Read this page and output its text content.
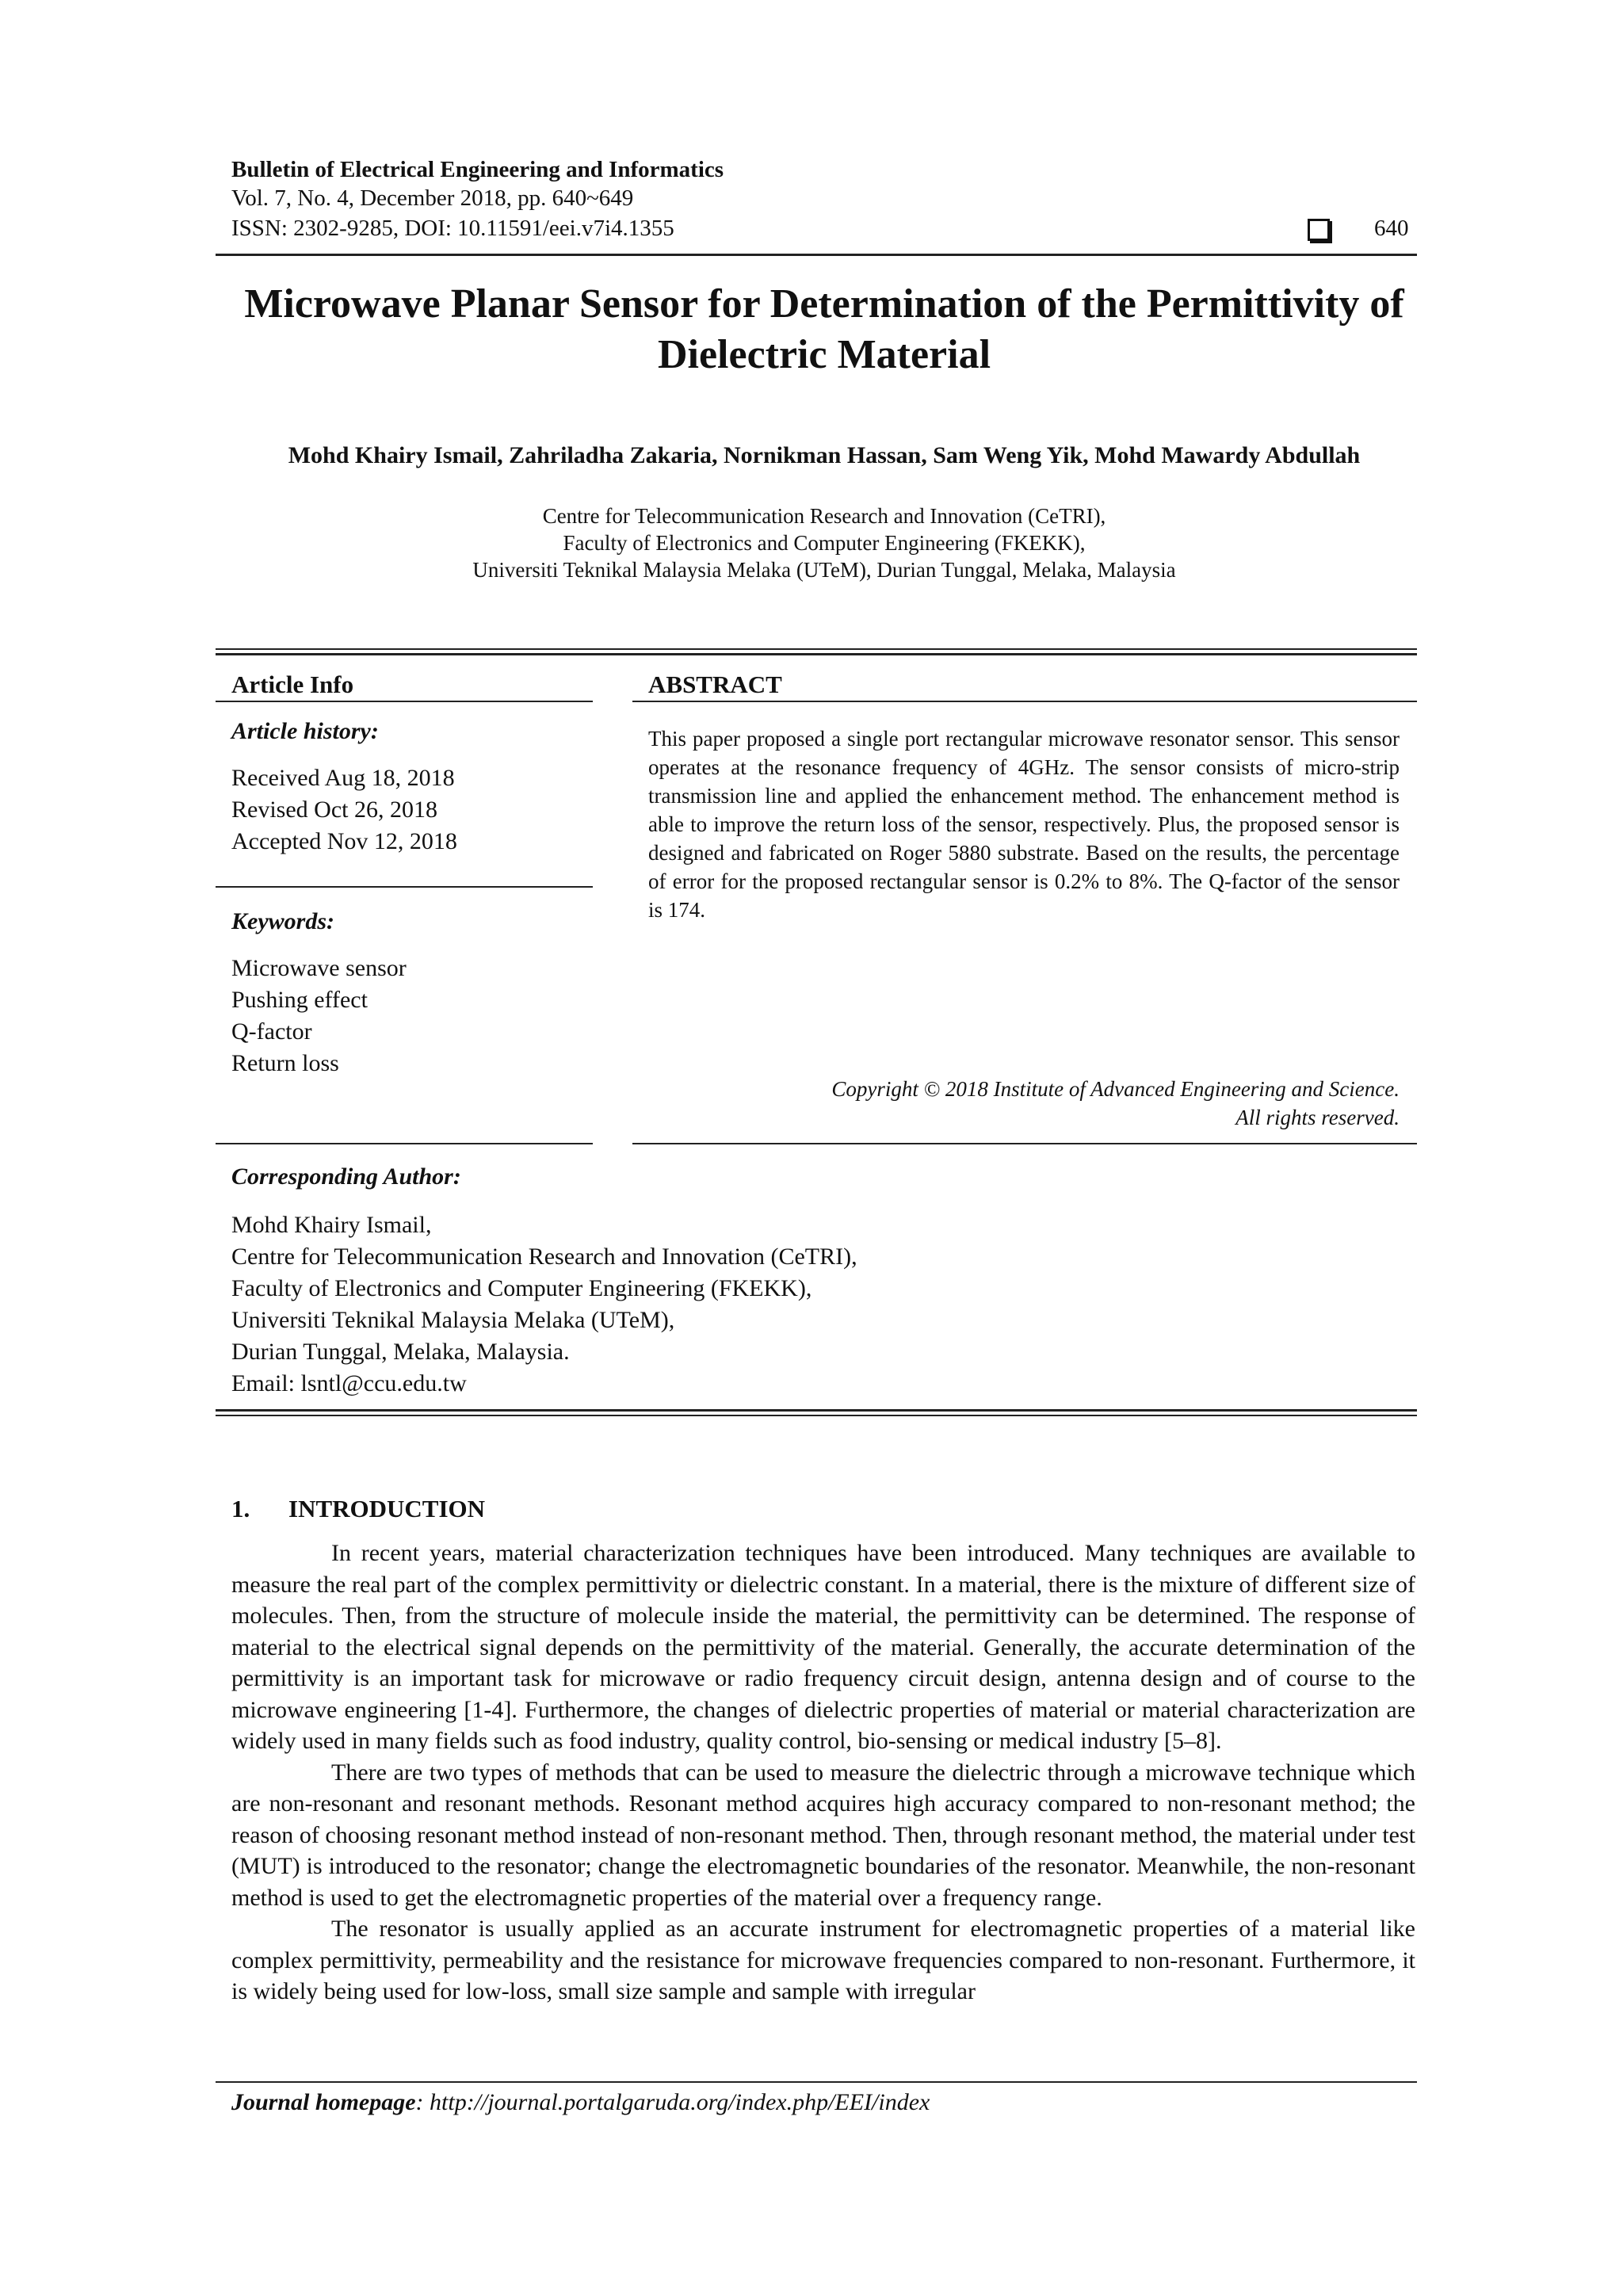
Bulletin of Electrical Engineering and Informatics
Vol. 7, No. 4, December 2018, pp. 640~649
ISSN: 2302-9285, DOI: 10.11591/eei.v7i4.1355	640
Microwave Planar Sensor for Determination of the Permittivity of Dielectric Material
Mohd Khairy Ismail, Zahriladha Zakaria, Nornikman Hassan, Sam Weng Yik, Mohd Mawardy Abdullah
Centre for Telecommunication Research and Innovation (CeTRI),
Faculty of Electronics and Computer Engineering (FKEKK),
Universiti Teknikal Malaysia Melaka (UTeM), Durian Tunggal, Melaka, Malaysia
Article Info
Article history:
Received Aug 18, 2018
Revised Oct 26, 2018
Accepted Nov 12, 2018
Keywords:
Microwave sensor
Pushing effect
Q-factor
Return loss
ABSTRACT
This paper proposed a single port rectangular microwave resonator sensor. This sensor operates at the resonance frequency of 4GHz. The sensor consists of micro-strip transmission line and applied the enhancement method. The enhancement method is able to improve the return loss of the sensor, respectively. Plus, the proposed sensor is designed and fabricated on Roger 5880 substrate. Based on the results, the percentage of error for the proposed rectangular sensor is 0.2% to 8%. The Q-factor of the sensor is 174.
Copyright © 2018 Institute of Advanced Engineering and Science.
All rights reserved.
Corresponding Author:
Mohd Khairy Ismail,
Centre for Telecommunication Research and Innovation (CeTRI),
Faculty of Electronics and Computer Engineering (FKEKK),
Universiti Teknikal Malaysia Melaka (UTeM),
Durian Tunggal, Melaka, Malaysia.
Email: lsntl@ccu.edu.tw
1. INTRODUCTION

In recent years, material characterization techniques have been introduced. Many techniques are available to measure the real part of the complex permittivity or dielectric constant. In a material, there is the mixture of different size of molecules. Then, from the structure of molecule inside the material, the permittivity can be determined. The response of material to the electrical signal depends on the permittivity of the material. Generally, the accurate determination of the permittivity is an important task for microwave or radio frequency circuit design, antenna design and of course to the microwave engineering [1-4]. Furthermore, the changes of dielectric properties of material or material characterization are widely used in many fields such as food industry, quality control, bio-sensing or medical industry [5–8].

There are two types of methods that can be used to measure the dielectric through a microwave technique which are non-resonant and resonant methods. Resonant method acquires high accuracy compared to non-resonant method; the reason of choosing resonant method instead of non-resonant method. Then, through resonant method, the material under test (MUT) is introduced to the resonator; change the electromagnetic boundaries of the resonator. Meanwhile, the non-resonant method is used to get the electromagnetic properties of the material over a frequency range.

The resonator is usually applied as an accurate instrument for electromagnetic properties of a material like complex permittivity, permeability and the resistance for microwave frequencies compared to non-resonant. Furthermore, it is widely being used for low-loss, small size sample and sample with irregular

Journal homepage: http://journal.portalgaruda.org/index.php/EEI/index
